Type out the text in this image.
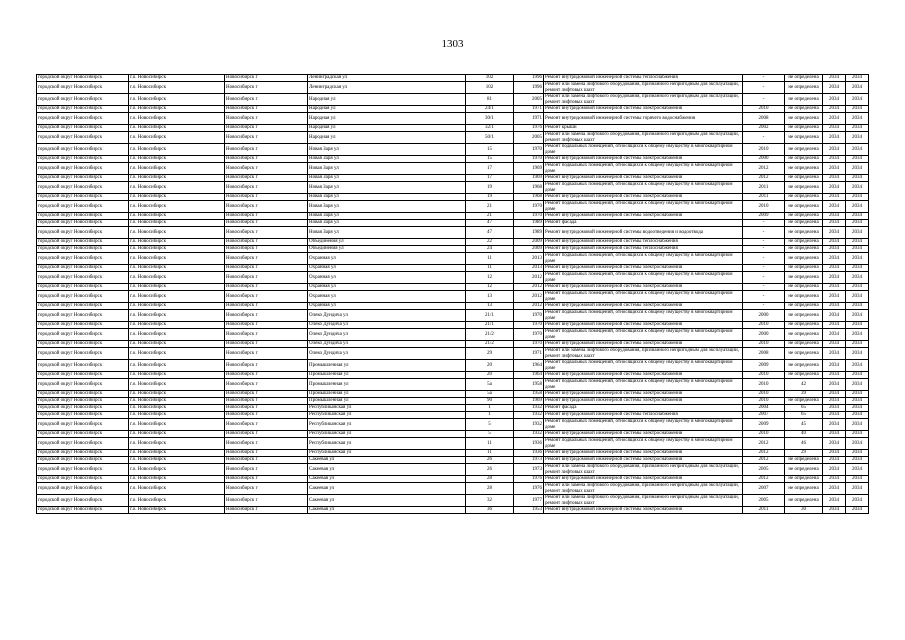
1303
городской округ Новосибирск	г.о. Новосибирск	Новосибирск г	Ленинградская ул	102	1996	Ремонт внутридомовой инженерной системы теплоснабжения	-	не определена	2034	2034
городской округ Новосибирск	г.о. Новосибирск	Новосибирск г	Ленинградская ул	102	1996	Ремонт или замена лифтового оборудования, признанного непригодным для эксплуатации, ремонт лифтовых шахт	-	не определена	2034	2034
городской округ Новосибирск	г.о. Новосибирск	Новосибирск г	Народная ул	81	2005	Ремонт или замена лифтового оборудования, признанного непригодным для эксплуатации, ремонт лифтовых шахт	-	не определена	2034	2034
городской округ Новосибирск	г.о. Новосибирск	Новосибирск г	Народная ул	24/1	1971	Ремонт внутридомовой инженерной системы электроснабжения	2010	не определена	2034	2034
городской округ Новосибирск	г.о. Новосибирск	Новосибирск г	Народная ул	30/1	1971	Ремонт внутридомовой инженерной системы горячего водоснабжения	2008	не определена	2034	2034
городской округ Новосибирск	г.о. Новосибирск	Новосибирск г	Народная ул	32/1	1976	Ремонт крыши	2002	не определена	2034	2034
городской округ Новосибирск	г.о. Новосибирск	Новосибирск г	Народная ул	50/1	2005	Ремонт или замена лифтового оборудования, признанного непригодным для эксплуатации, ремонт лифтовых шахт	-	не определена	2034	2034
городской округ Новосибирск	г.о. Новосибирск	Новосибирск г	Новая Заря ул	15	1970	Ремонт подвальных помещений, относящихся к общему имуществу в многоквартирном доме	2010	не определена	2034	2034
городской округ Новосибирск	г.о. Новосибирск	Новосибирск г	Новая Заря ул	15	1970	Ремонт внутридомовой инженерной системы электроснабжения	2000	не определена	2034	2034
городской округ Новосибирск	г.о. Новосибирск	Новосибирск г	Новая Заря ул	17	1969	Ремонт подвальных помещений, относящихся к общему имуществу в многоквартирном доме	2012	не определена	2034	2034
городской округ Новосибирск	г.о. Новосибирск	Новосибирск г	Новая Заря ул	17	1969	Ремонт внутридомовой инженерной системы электроснабжения	2012	не определена	2034	2034
городской округ Новосибирск	г.о. Новосибирск	Новосибирск г	Новая Заря ул	19	1968	Ремонт подвальных помещений, относящихся к общему имуществу в многоквартирном доме	2011	не определена	2034	2034
городской округ Новосибирск	г.о. Новосибирск	Новосибирск г	Новая Заря ул	19	1968	Ремонт внутридомовой инженерной системы электроснабжения	2011	не определена	2034	2034
городской округ Новосибирск	г.о. Новосибирск	Новосибирск г	Новая Заря ул	21	1970	Ремонт подвальных помещений, относящихся к общему имуществу в многоквартирном доме	2010	не определена	2034	2034
городской округ Новосибирск	г.о. Новосибирск	Новосибирск г	Новая Заря ул	21	1970	Ремонт внутридомовой инженерной системы электроснабжения	2009	не определена	2034	2034
городской округ Новосибирск	г.о. Новосибирск	Новосибирск г	Новая Заря ул	47	1989	Ремонт фасада	-	не определена	2034	2034
городской округ Новосибирск	г.о. Новосибирск	Новосибирск г	Новая Заря ул	47	1989	Ремонт внутридомовой инженерной системы водоотведения и водоотвода	-	не определена	2034	2034
городской округ Новосибирск	г.о. Новосибирск	Новосибирск г	Объединения ул	22	2009	Ремонт внутридомовой инженерной системы теплоснабжения	-	не определена	2034	2034
городской округ Новосибирск	г.о. Новосибирск	Новосибирск г	Объединения ул	24	2009	Ремонт внутридомовой инженерной системы теплоснабжения	-	не определена	2034	2034
городской округ Новосибирск	г.о. Новосибирск	Новосибирск г	Охранная ул	11	2013	Ремонт подвальных помещений, относящихся к общему имуществу в многоквартирном доме	-	не определена	2034	2034
городской округ Новосибирск	г.о. Новосибирск	Новосибирск г	Охранная ул	11	2013	Ремонт внутридомовой инженерной системы электроснабжения	-	не определена	2034	2034
городской округ Новосибирск	г.о. Новосибирск	Новосибирск г	Охранная ул	12	2012	Ремонт подвальных помещений, относящихся к общему имуществу в многоквартирном доме	-	не определена	2034	2034
городской округ Новосибирск	г.о. Новосибирск	Новосибирск г	Охранная ул	12	2012	Ремонт внутридомовой инженерной системы электроснабжения	-	не определена	2034	2034
городской округ Новосибирск	г.о. Новосибирск	Новосибирск г	Охранная ул	13	2012	Ремонт подвальных помещений, относящихся к общему имуществу в многоквартирном доме	-	не определена	2034	2034
городской округ Новосибирск	г.о. Новосибирск	Новосибирск г	Охранная ул	13	2012	Ремонт внутридомовой инженерной системы электроснабжения	-	не определена	2034	2034
городской округ Новосибирск	г.о. Новосибирск	Новосибирск г	Олеко Дундича ул	21/1	1970	Ремонт подвальных помещений, относящихся к общему имуществу в многоквартирном доме	2000	не определена	2034	2034
городской округ Новосибирск	г.о. Новосибирск	Новосибирск г	Олеко Дундича ул	21/1	1970	Ремонт внутридомовой инженерной системы электроснабжения	2010	не определена	2034	2034
городской округ Новосибирск	г.о. Новосибирск	Новосибирск г	Олеко Дундича ул	21/2	1970	Ремонт подвальных помещений, относящихся к общему имуществу в многоквартирном доме	2000	не определена	2034	2034
городской округ Новосибирск	г.о. Новосибирск	Новосибирск г	Олеко Дундича ул	21/2	1970	Ремонт внутридомовой инженерной системы электроснабжения	2010	не определена	2034	2034
городской округ Новосибирск	г.о. Новосибирск	Новосибирск г	Олеко Дундича ул	29	1971	Ремонт или замена лифтового оборудования, признанного непригодным для эксплуатации, ремонт лифтовых шахт	2008	не определена	2034	2034
городской округ Новосибирск	г.о. Новосибирск	Новосибирск г	Промышленная ул	20	1964	Ремонт подвальных помещений, относящихся к общему имуществу в многоквартирном доме	2009	не определена	2034	2034
городской округ Новосибирск	г.о. Новосибирск	Новосибирск г	Промышленная ул	20	1964	Ремонт внутридомовой инженерной системы электроснабжения	2010	не определена	2034	2034
городской округ Новосибирск	г.о. Новосибирск	Новосибирск г	Промышленная ул	5а	1958	Ремонт подвальных помещений, относящихся к общему имуществу в многоквартирном доме	2010	42	2034	2034
городской округ Новосибирск	г.о. Новосибирск	Новосибирск г	Промышленная ул	5а	1958	Ремонт внутридомовой инженерной системы электроснабжения	2010	39	2034	2034
городской округ Новосибирск	г.о. Новосибирск	Новосибирск г	Промышленная ул	90	1969	Ремонт внутридомовой инженерной системы электроснабжения	2010	не определена	2034	2034
городской округ Новосибирск	г.о. Новосибирск	Новосибирск г	Республиканская ул	1	1932	Ремонт фасада	2004	65	2034	2034
городской округ Новосибирск	г.о. Новосибирск	Новосибирск г	Республиканская ул	1	1932	Ремонт внутридомовой инженерной системы теплоснабжения	2007	65	2034	2034
городской округ Новосибирск	г.о. Новосибирск	Новосибирск г	Республиканская ул	5	1932	Ремонт подвальных помещений, относящихся к общему имуществу в многоквартирном доме	2009	45	2034	2034
городской округ Новосибирск	г.о. Новосибирск	Новосибирск г	Республиканская ул	5	1932	Ремонт внутридомовой инженерной системы электроснабжения	2010	40	2034	2034
городской округ Новосибирск	г.о. Новосибирск	Новосибирск г	Республиканская ул	11	1936	Ремонт подвальных помещений, относящихся к общему имуществу в многоквартирном доме	2012	46	2034	2034
городской округ Новосибирск	г.о. Новосибирск	Новосибирск г	Республиканская ул	11	1936	Ремонт внутридомовой инженерной системы электроснабжения	2012	29	2034	2034
городской округ Новосибирск	г.о. Новосибирск	Новосибирск г	Сакеевая ул	26	1973	Ремонт внутридомовой инженерной системы электроснабжения	2012	не определена	2034	2034
городской округ Новосибирск	г.о. Новосибирск	Новосибирск г	Сакеевая ул	26	1973	Ремонт или замена лифтового оборудования, признанного непригодным для эксплуатации, ремонт лифтовых шахт	2005	не определена	2034	2034
городской округ Новосибирск	г.о. Новосибирск	Новосибирск г	Сакеевая ул	28	1976	Ремонт внутридомовой инженерной системы электроснабжения	2012	не определена	2034	2034
городской округ Новосибирск	г.о. Новосибирск	Новосибирск г	Сакеевая ул	28	1976	Ремонт или замена лифтового оборудования, признанного непригодным для эксплуатации, ремонт лифтовых шахт	2007	не определена	2034	2034
городской округ Новосибирск	г.о. Новосибирск	Новосибирск г	Сакеевая ул	32	1977	Ремонт или замена лифтового оборудования, признанного непригодным для эксплуатации, ремонт лифтовых шахт	2005	не определена	2034	2034
городской округ Новосибирск	г.о. Новосибирск	Новосибирск г	Сакеевая ул	36	1953	Ремонт внутридомовой инженерной системы электроснабжения	2011	30	2034	2034
